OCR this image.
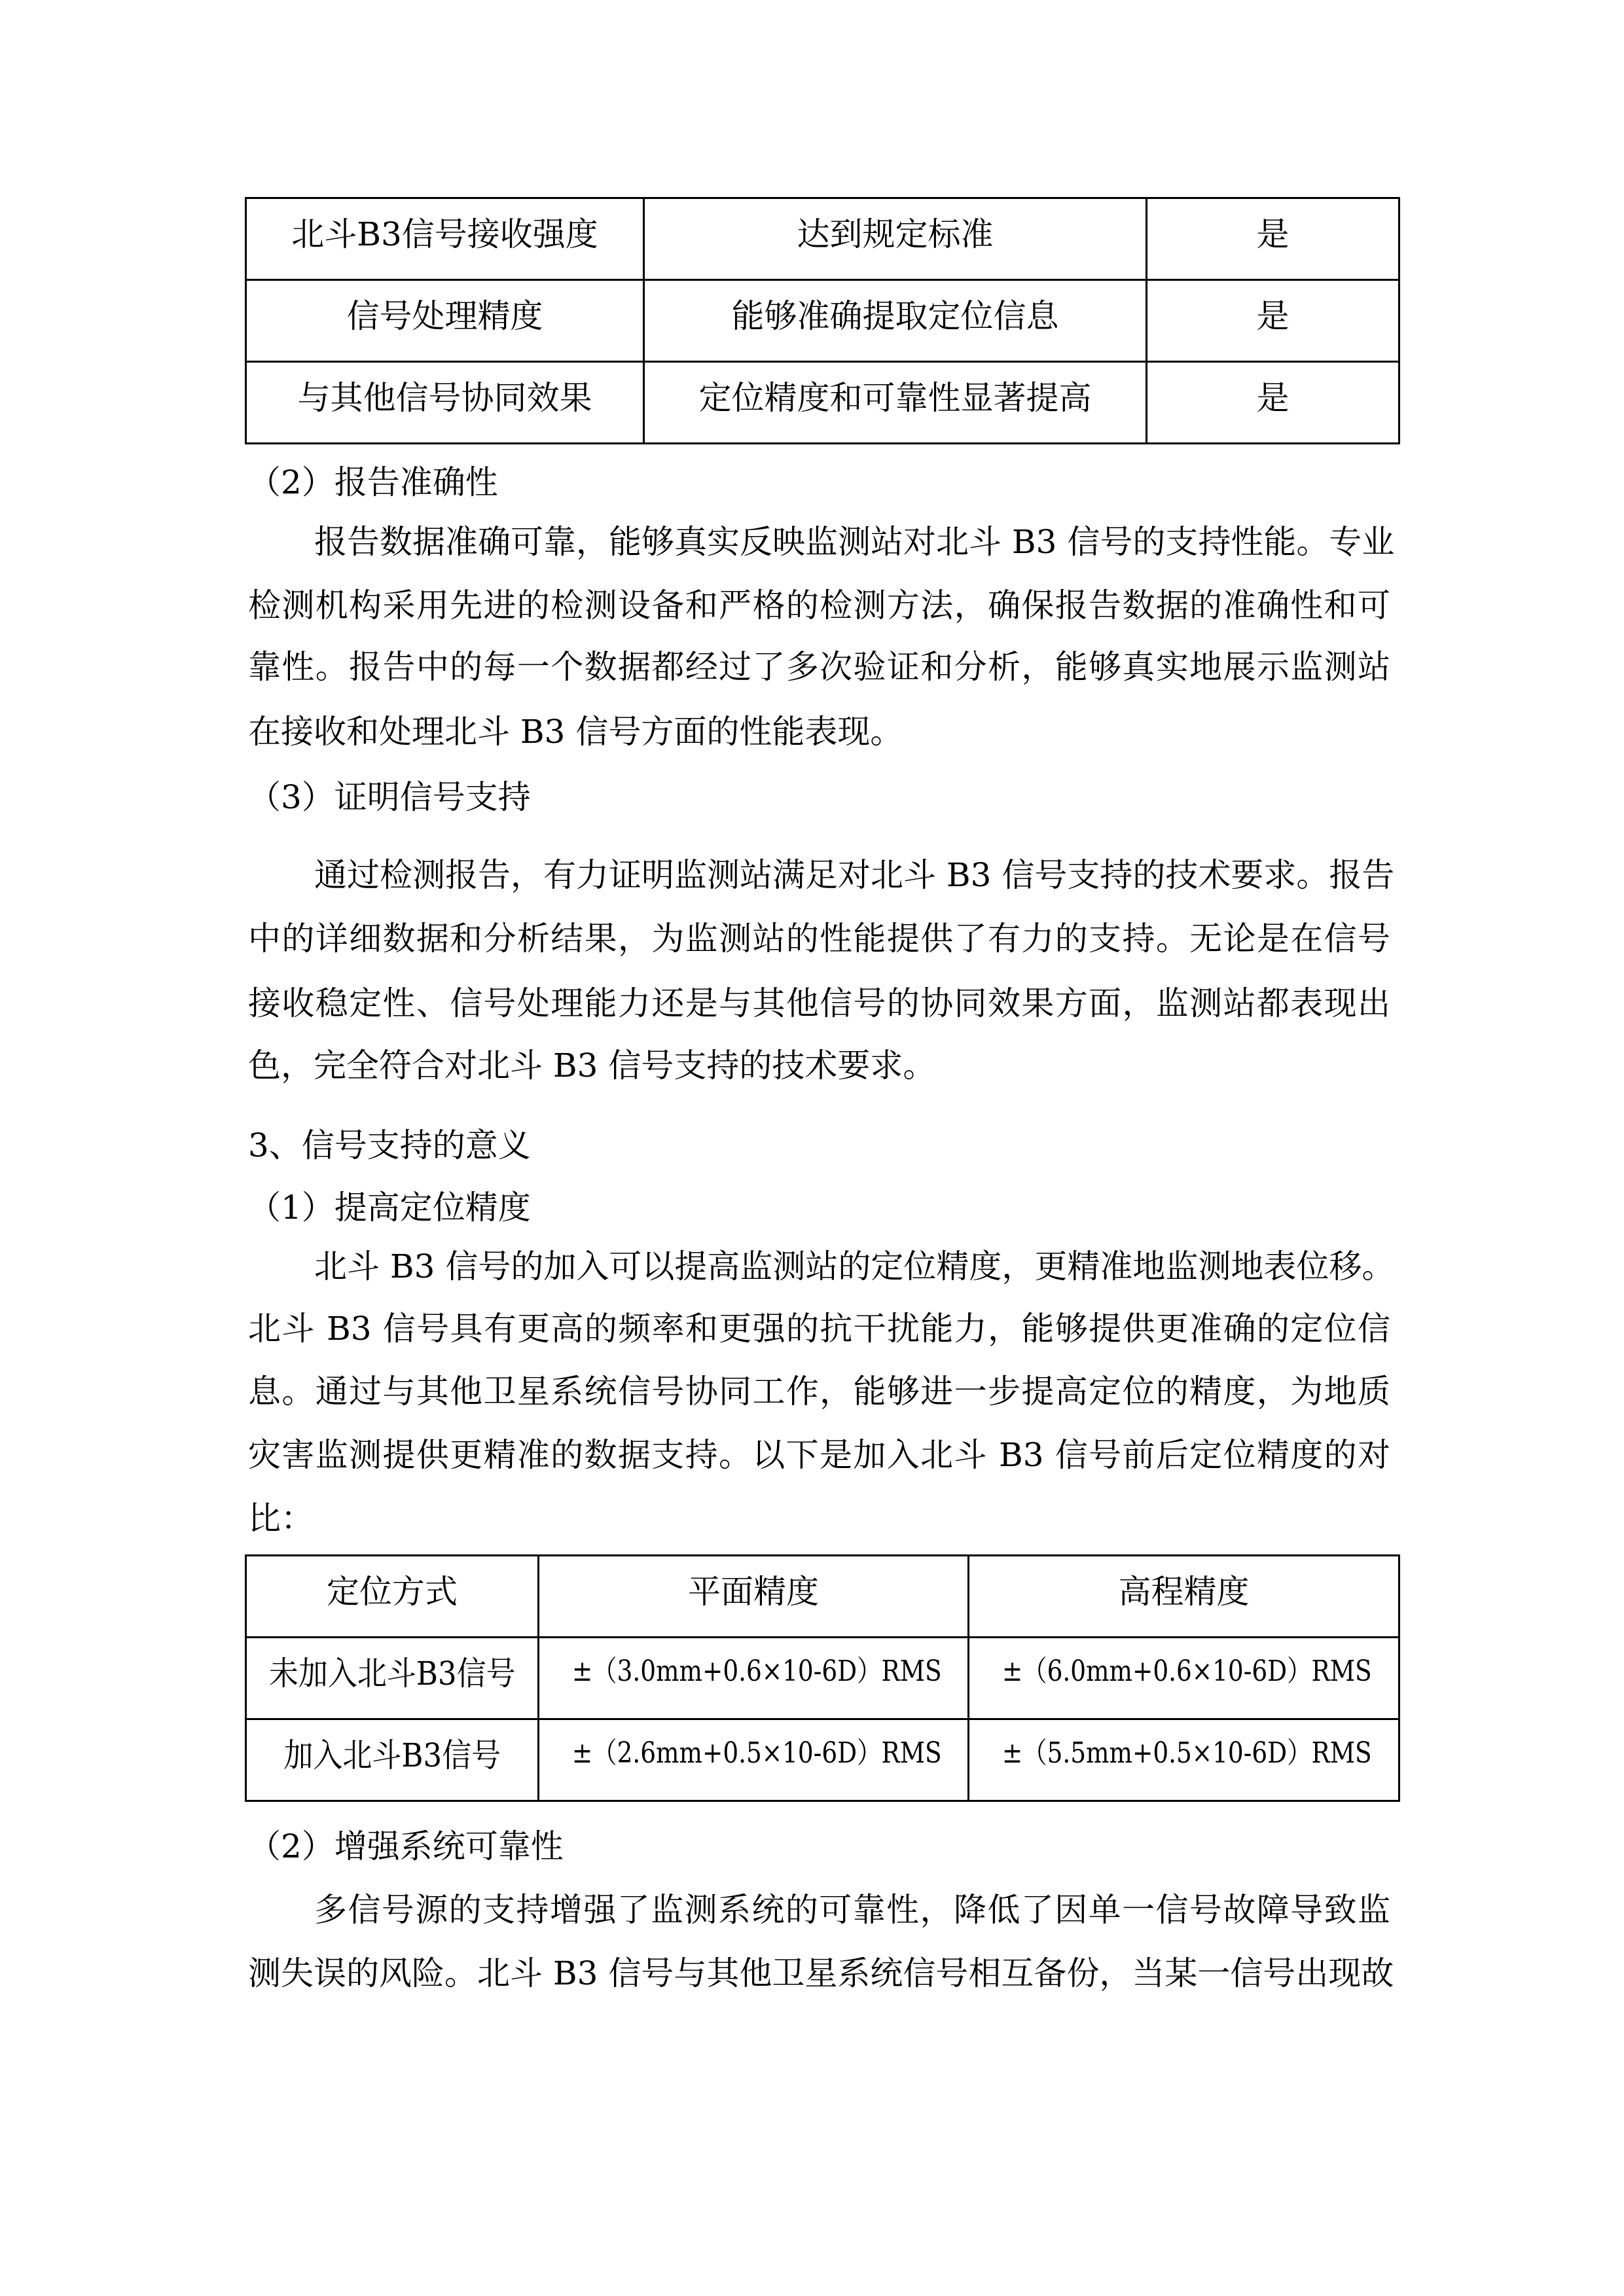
北斗B3信号接收强度	达到规定标准	是
信号处理精度	能够准确提取定位信息	是
与其他信号协同效果	定位精度和可靠性显著提高	是
（2）报告准确性
报告数据准确可靠，能够真实反映监测站对北斗 B3 信号的支持性能。专业
检测机构采用先进的检测设备和严格的检测方法，确保报告数据的准确性和可
靠性。报告中的每一个数据都经过了多次验证和分析，能够真实地展示监测站
在接收和处理北斗 B3 信号方面的性能表现。
（3）证明信号支持
通过检测报告，有力证明监测站满足对北斗 B3 信号支持的技术要求。报告
中的详细数据和分析结果，为监测站的性能提供了有力的支持。无论是在信号
接收稳定性、信号处理能力还是与其他信号的协同效果方面，监测站都表现出
色，完全符合对北斗 B3 信号支持的技术要求。
3、信号支持的意义
（1）提高定位精度
北斗 B3 信号的加入可以提高监测站的定位精度，更精准地监测地表位移。
北斗 B3 信号具有更高的频率和更强的抗干扰能力，能够提供更准确的定位信
息。通过与其他卫星系统信号协同工作，能够进一步提高定位的精度，为地质
灾害监测提供更精准的数据支持。以下是加入北斗 B3 信号前后定位精度的对
比：
定位方式	平面精度	高程精度
未加入北斗B3信号	±（3.0mm+0.6×10-6D）RMS	±（6.0mm+0.6×10-6D）RMS
加入北斗B3信号	±（2.6mm+0.5×10-6D）RMS	±（5.5mm+0.5×10-6D）RMS
（2）增强系统可靠性
多信号源的支持增强了监测系统的可靠性，降低了因单一信号故障导致监
测失误的风险。北斗 B3 信号与其他卫星系统信号相互备份，当某一信号出现故
